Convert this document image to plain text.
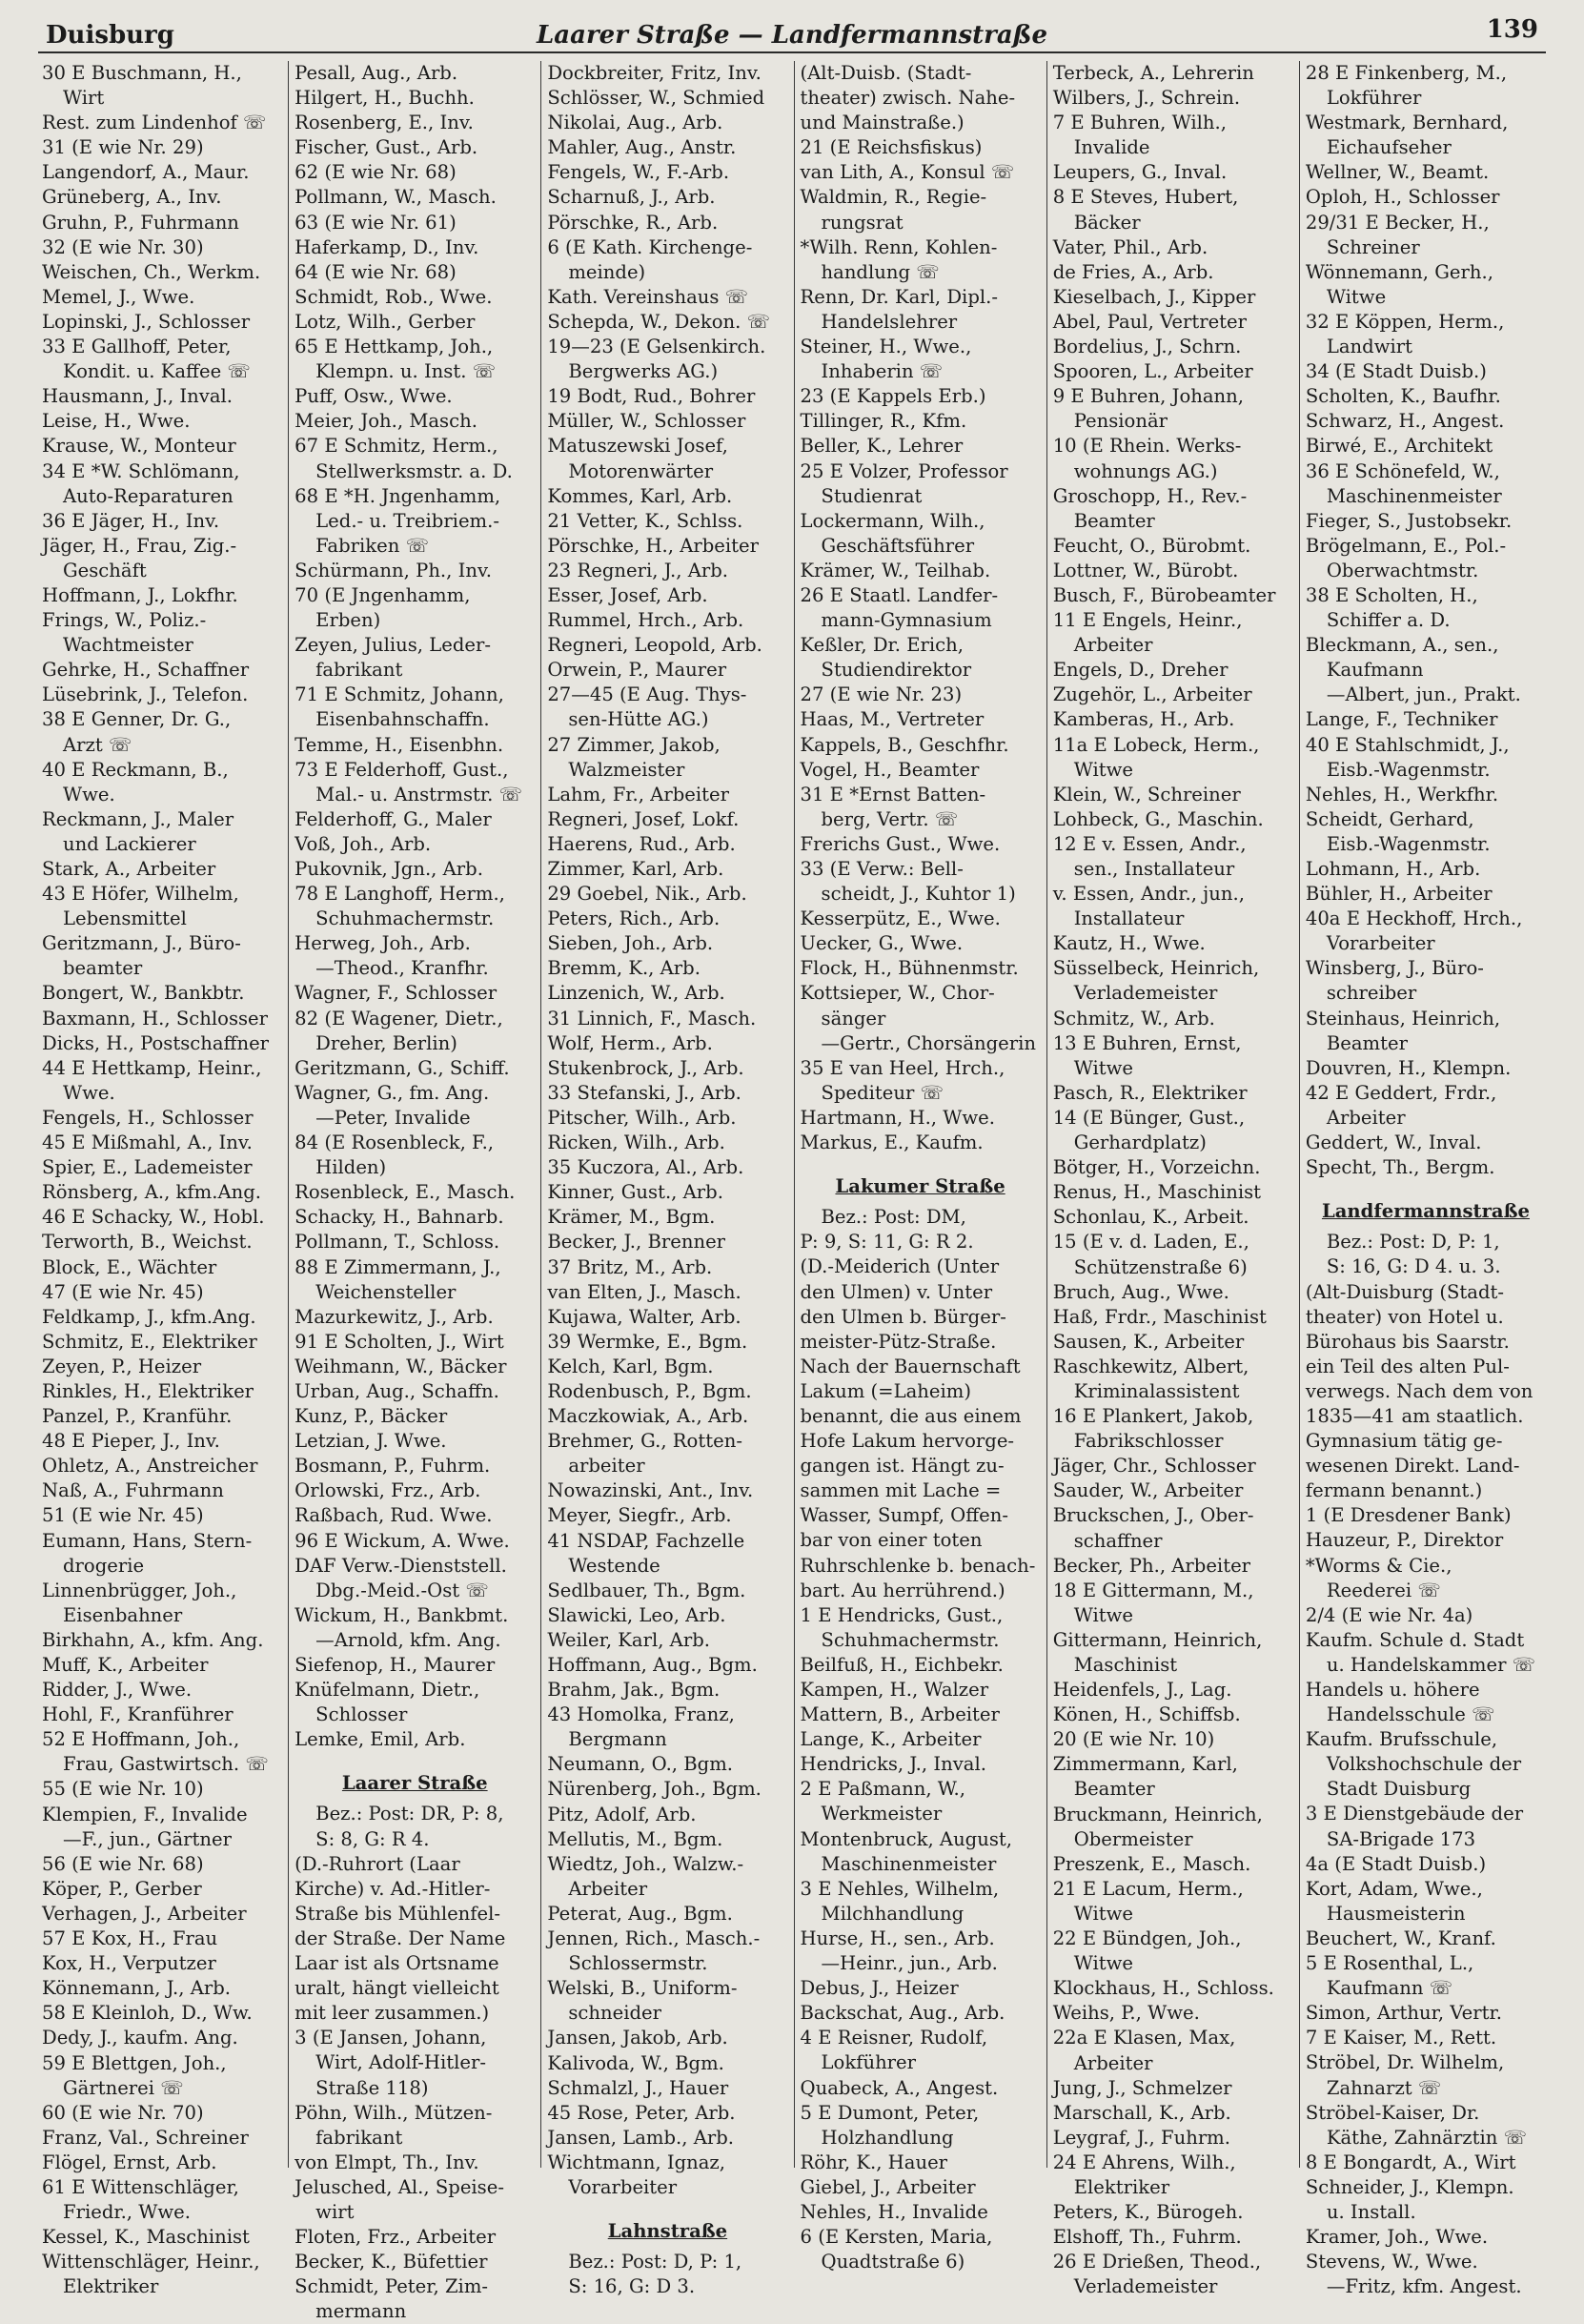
Duisburg	Laarer Straße — Landfermannstraße	139
30 E Buschmann, H.,
Wirt
Rest. zum Lindenhof ☏
31 (E wie Nr. 29)
Langendorf, A., Maur.
Grüneberg, A., Inv.
Gruhn, P., Fuhrmann
32 (E wie Nr. 30)
Weischen, Ch., Werkm.
Memel, J., Wwe.
Lopinski, J., Schlosser
33 E Gallhoff, Peter,
Kondit. u. Kaffee ☏
Hausmann, J., Inval.
Leise, H., Wwe.
Krause, W., Monteur
34 E *W. Schlömann,
Auto-Reparaturen
36 E Jäger, H., Inv.
Jäger, H., Frau, Zig.-
Geschäft
Hoffmann, J., Lokfhr.
Frings, W., Poliz.-
Wachtmeister
Gehrke, H., Schaffner
Lüsebrink, J., Telefon.
38 E Genner, Dr. G.,
Arzt ☏
40 E Reckmann, B.,
Wwe.
Reckmann, J., Maler
und Lackierer
Stark, A., Arbeiter
43 E Höfer, Wilhelm,
Lebensmittel
Geritzmann, J., Büro-
beamter
Bongert, W., Bankbtr.
Baxmann, H., Schlosser
Dicks, H., Postschaffner
44 E Hettkamp, Heinr.,
Wwe.
Fengels, H., Schlosser
45 E Mißmahl, A., Inv.
Spier, E., Lademeister
Rönsberg, A., kfm.Ang.
46 E Schacky, W., Hobl.
Terworth, B., Weichst.
Block, E., Wächter
47 (E wie Nr. 45)
Feldkamp, J., kfm.Ang.
Schmitz, E., Elektriker
Zeyen, P., Heizer
Rinkles, H., Elektriker
Panzel, P., Kranführ.
48 E Pieper, J., Inv.
Ohletz, A., Anstreicher
Naß, A., Fuhrmann
51 (E wie Nr. 45)
Eumann, Hans, Stern-
drogerie
Linnenbrügger, Joh.,
Eisenbahner
Birkhahn, A., kfm. Ang.
Muff, K., Arbeiter
Ridder, J., Wwe.
Hohl, F., Kranführer
52 E Hoffmann, Joh.,
Frau, Gastwirtsch. ☏
55 (E wie Nr. 10)
Klempien, F., Invalide
—F., jun., Gärtner
56 (E wie Nr. 68)
Köper, P., Gerber
Verhagen, J., Arbeiter
57 E Kox, H., Frau
Kox, H., Verputzer
Könnemann, J., Arb.
58 E Kleinloh, D., Ww.
Dedy, J., kaufm. Ang.
59 E Blettgen, Joh.,
Gärtnerei ☏
60 (E wie Nr. 70)
Franz, Val., Schreiner
Flögel, Ernst, Arb.
61 E Wittenschläger,
Friedr., Wwe.
Kessel, K., Maschinist
Wittenschläger, Heinr.,
Elektriker
Pesall, Aug., Arb.
Hilgert, H., Buchh.
Rosenberg, E., Inv.
Fischer, Gust., Arb.
62 (E wie Nr. 68)
Pollmann, W., Masch.
63 (E wie Nr. 61)
Haferkamp, D., Inv.
64 (E wie Nr. 68)
Schmidt, Rob., Wwe.
Lotz, Wilh., Gerber
65 E Hettkamp, Joh.,
Klempn. u. Inst. ☏
Puff, Osw., Wwe.
Meier, Joh., Masch.
67 E Schmitz, Herm.,
Stellwerksmstr. a. D.
68 E *H. Jngenhamm,
Led.- u. Treibriem.-
Fabriken ☏
Schürmann, Ph., Inv.
70 (E Jngenhamm,
Erben)
Zeyen, Julius, Leder-
fabrikant
71 E Schmitz, Johann,
Eisenbahnschaffn.
Temme, H., Eisenbhn.
73 E Felderhoff, Gust.,
Mal.- u. Anstrmstr. ☏
Felderhoff, G., Maler
Voß, Joh., Arb.
Pukovnik, Jgn., Arb.
78 E Langhoff, Herm.,
Schuhmachermstr.
Herweg, Joh., Arb.
—Theod., Kranfhr.
Wagner, F., Schlosser
82 (E Wagener, Dietr.,
Dreher, Berlin)
Geritzmann, G., Schiff.
Wagner, G., fm. Ang.
—Peter, Invalide
84 (E Rosenbleck, F.,
Hilden)
Rosenbleck, E., Masch.
Schacky, H., Bahnarb.
Pollmann, T., Schloss.
88 E Zimmermann, J.,
Weichensteller
Mazurkewitz, J., Arb.
91 E Scholten, J., Wirt
Weihmann, W., Bäcker
Urban, Aug., Schaffn.
Kunz, P., Bäcker
Letzian, J. Wwe.
Bosmann, P., Fuhrm.
Orlowski, Frz., Arb.
Raßbach, Rud. Wwe.
96 E Wickum, A. Wwe.
DAF Verw.-Dienststell.
Dbg.-Meid.-Ost ☏
Wickum, H., Bankbmt.
—Arnold, kfm. Ang.
Siefenop, H., Maurer
Knüfelmann, Dietr.,
Schlosser
Lemke, Emil, Arb.
Laarer Straße
Bez.: Post: DR, P: 8,
S: 8, G: R 4.
(D.-Ruhrort (Laar
Kirche) v. Ad.-Hitler-
Straße bis Mühlenfel-
der Straße. Der Name
Laar ist als Ortsname
uralt, hängt vielleicht
mit leer zusammen.)
3 (E Jansen, Johann,
Wirt, Adolf-Hitler-
Straße 118)
Pöhn, Wilh., Mützen-
fabrikant
von Elmpt, Th., Inv.
Jelusched, Al., Speise-
wirt
Floten, Frz., Arbeiter
Becker, K., Büfettier
Schmidt, Peter, Zim-
mermann
Dockbreiter, Fritz, Inv.
Schlösser, W., Schmied
Nikolai, Aug., Arb.
Mahler, Aug., Anstr.
Fengels, W., F.-Arb.
Scharnuß, J., Arb.
Pörschke, R., Arb.
6 (E Kath. Kirchenge-
meinde)
Kath. Vereinshaus ☏
Schepda, W., Dekon. ☏
19—23 (E Gelsenkirch.
Bergwerks AG.)
19 Bodt, Rud., Bohrer
Müller, W., Schlosser
Matuszewski Josef,
Motorenwärter
Kommes, Karl, Arb.
21 Vetter, K., Schlss.
Pörschke, H., Arbeiter
23 Regneri, J., Arb.
Esser, Josef, Arb.
Rummel, Hrch., Arb.
Regneri, Leopold, Arb.
Orwein, P., Maurer
27—45 (E Aug. Thys-
sen-Hütte AG.)
27 Zimmer, Jakob,
Walzmeister
Lahm, Fr., Arbeiter
Regneri, Josef, Lokf.
Haerens, Rud., Arb.
Zimmer, Karl, Arb.
29 Goebel, Nik., Arb.
Peters, Rich., Arb.
Sieben, Joh., Arb.
Bremm, K., Arb.
Linzenich, W., Arb.
31 Linnich, F., Masch.
Wolf, Herm., Arb.
Stukenbrock, J., Arb.
33 Stefanski, J., Arb.
Pitscher, Wilh., Arb.
Ricken, Wilh., Arb.
35 Kuczora, Al., Arb.
Kinner, Gust., Arb.
Krämer, M., Bgm.
Becker, J., Brenner
37 Britz, M., Arb.
van Elten, J., Masch.
Kujawa, Walter, Arb.
39 Wermke, E., Bgm.
Kelch, Karl, Bgm.
Rodenbusch, P., Bgm.
Maczkowiak, A., Arb.
Brehmer, G., Rotten-
arbeiter
Nowazinski, Ant., Inv.
Meyer, Siegfr., Arb.
41 NSDAP, Fachzelle
Westende
Sedlbauer, Th., Bgm.
Slawicki, Leo, Arb.
Weiler, Karl, Arb.
Hoffmann, Aug., Bgm.
Brahm, Jak., Bgm.
43 Homolka, Franz,
Bergmann
Neumann, O., Bgm.
Nürenberg, Joh., Bgm.
Pitz, Adolf, Arb.
Mellutis, M., Bgm.
Wiedtz, Joh., Walzw.-
Arbeiter
Peterat, Aug., Bgm.
Jennen, Rich., Masch.-
Schlossermstr.
Welski, B., Uniform-
schneider
Jansen, Jakob, Arb.
Kalivoda, W., Bgm.
Schmalzl, J., Hauer
45 Rose, Peter, Arb.
Jansen, Lamb., Arb.
Wichtmann, Ignaz,
Vorarbeiter
Lahnstraße
Bez.: Post: D, P: 1,
S: 16, G: D 3.
(Alt-Duisb. (Stadt-
theater) zwisch. Nahe-
und Mainstraße.)
21 (E Reichsfiskus)
van Lith, A., Konsul ☏
Waldmin, R., Regie-
rungsrat
*Wilh. Renn, Kohlen-
handlung ☏
Renn, Dr. Karl, Dipl.-
Handelslehrer
Steiner, H., Wwe.,
Inhaberin ☏
23 (E Kappels Erb.)
Tillinger, R., Kfm.
Beller, K., Lehrer
25 E Volzer, Professor
Studienrat
Lockermann, Wilh.,
Geschäftsführer
Krämer, W., Teilhab.
26 E Staatl. Landfer-
mann-Gymnasium
Keßler, Dr. Erich,
Studiendirektor
27 (E wie Nr. 23)
Haas, M., Vertreter
Kappels, B., Geschfhr.
Vogel, H., Beamter
31 E *Ernst Batten-
berg, Vertr. ☏
Frerichs Gust., Wwe.
33 (E Verw.: Bell-
scheidt, J., Kuhtor 1)
Kesserpütz, E., Wwe.
Uecker, G., Wwe.
Flock, H., Bühnenmstr.
Kottsieper, W., Chor-
sänger
—Gertr., Chorsängerin
35 E van Heel, Hrch.,
Spediteur ☏
Hartmann, H., Wwe.
Markus, E., Kaufm.
Lakumer Straße
Bez.: Post: DM,
P: 9, S: 11, G: R 2.
(D.-Meiderich (Unter
den Ulmen) v. Unter
den Ulmen b. Bürger-
meister-Pütz-Straße.
Nach der Bauernschaft
Lakum (=Laheim)
benannt, die aus einem
Hofe Lakum hervorge-
gangen ist. Hängt zu-
sammen mit Lache =
Wasser, Sumpf, Offen-
bar von einer toten
Ruhrschlenke b. benach-
bart. Au herrührend.)
1 E Hendricks, Gust.,
Schuhmachermstr.
Beilfuß, H., Eichbekr.
Kampen, H., Walzer
Mattern, B., Arbeiter
Lange, K., Arbeiter
Hendricks, J., Inval.
2 E Paßmann, W.,
Werkmeister
Montenbruck, August,
Maschinenmeister
3 E Nehles, Wilhelm,
Milchhandlung
Hurse, H., sen., Arb.
—Heinr., jun., Arb.
Debus, J., Heizer
Backschat, Aug., Arb.
4 E Reisner, Rudolf,
Lokführer
Quabeck, A., Angest.
5 E Dumont, Peter,
Holzhandlung
Röhr, K., Hauer
Giebel, J., Arbeiter
Nehles, H., Invalide
6 (E Kersten, Maria,
Quadtstraße 6)
Terbeck, A., Lehrerin
Wilbers, J., Schrein.
7 E Buhren, Wilh.,
Invalide
Leupers, G., Inval.
8 E Steves, Hubert,
Bäcker
Vater, Phil., Arb.
de Fries, A., Arb.
Kieselbach, J., Kipper
Abel, Paul, Vertreter
Bordelius, J., Schrn.
Spooren, L., Arbeiter
9 E Buhren, Johann,
Pensionär
10 (E Rhein. Werks-
wohnungs AG.)
Groschopp, H., Rev.-
Beamter
Feucht, O., Bürobmt.
Lottner, W., Bürobt.
Busch, F., Bürobeamter
11 E Engels, Heinr.,
Arbeiter
Engels, D., Dreher
Zugehör, L., Arbeiter
Kamberas, H., Arb.
11a E Lobeck, Herm.,
Witwe
Klein, W., Schreiner
Lohbeck, G., Maschin.
12 E v. Essen, Andr.,
sen., Installateur
v. Essen, Andr., jun.,
Installateur
Kautz, H., Wwe.
Süsselbeck, Heinrich,
Verlademeister
Schmitz, W., Arb.
13 E Buhren, Ernst,
Witwe
Pasch, R., Elektriker
14 (E Bünger, Gust.,
Gerhardplatz)
Bötger, H., Vorzeichn.
Renus, H., Maschinist
Schonlau, K., Arbeit.
15 (E v. d. Laden, E.,
Schützenstraße 6)
Bruch, Aug., Wwe.
Haß, Frdr., Maschinist
Sausen, K., Arbeiter
Raschkewitz, Albert,
Kriminalassistent
16 E Plankert, Jakob,
Fabrikschlosser
Jäger, Chr., Schlosser
Sauder, W., Arbeiter
Bruckschen, J., Ober-
schaffner
Becker, Ph., Arbeiter
18 E Gittermann, M.,
Witwe
Gittermann, Heinrich,
Maschinist
Heidenfels, J., Lag.
Könen, H., Schiffsb.
20 (E wie Nr. 10)
Zimmermann, Karl,
Beamter
Bruckmann, Heinrich,
Obermeister
Preszenk, E., Masch.
21 E Lacum, Herm.,
Witwe
22 E Bündgen, Joh.,
Witwe
Klockhaus, H., Schloss.
Weihs, P., Wwe.
22a E Klasen, Max,
Arbeiter
Jung, J., Schmelzer
Marschall, K., Arb.
Leygraf, J., Fuhrm.
24 E Ahrens, Wilh.,
Elektriker
Peters, K., Bürogeh.
Elshoff, Th., Fuhrm.
26 E Drießen, Theod.,
Verlademeister
28 E Finkenberg, M.,
Lokführer
Westmark, Bernhard,
Eichaufseher
Wellner, W., Beamt.
Oploh, H., Schlosser
29/31 E Becker, H.,
Schreiner
Wönnemann, Gerh.,
Witwe
32 E Köppen, Herm.,
Landwirt
34 (E Stadt Duisb.)
Scholten, K., Baufhr.
Schwarz, H., Angest.
Birwé, E., Architekt
36 E Schönefeld, W.,
Maschinenmeister
Fieger, S., Justobsekr.
Brögelmann, E., Pol.-
Oberwachtmstr.
38 E Scholten, H.,
Schiffer a. D.
Bleckmann, A., sen.,
Kaufmann
—Albert, jun., Prakt.
Lange, F., Techniker
40 E Stahlschmidt, J.,
Eisb.-Wagenmstr.
Nehles, H., Werkfhr.
Scheidt, Gerhard,
Eisb.-Wagenmstr.
Lohmann, H., Arb.
Bühler, H., Arbeiter
40a E Heckhoff, Hrch.,
Vorarbeiter
Winsberg, J., Büro-
schreiber
Steinhaus, Heinrich,
Beamter
Douvren, H., Klempn.
42 E Geddert, Frdr.,
Arbeiter
Geddert, W., Inval.
Specht, Th., Bergm.
Landfermannstraße
Bez.: Post: D, P: 1,
S: 16, G: D 4. u. 3.
(Alt-Duisburg (Stadt-
theater) von Hotel u.
Bürohaus bis Saarstr.
ein Teil des alten Pul-
verwegs. Nach dem von
1835—41 am staatlich.
Gymnasium tätig ge-
wesenen Direkt. Land-
fermann benannt.)
1 (E Dresdener Bank)
Hauzeur, P., Direktor
*Worms & Cie.,
Reederei ☏
2/4 (E wie Nr. 4a)
Kaufm. Schule d. Stadt
u. Handelskammer ☏
Handels u. höhere
Handelsschule ☏
Kaufm. Brufsschule,
Volkshochschule der
Stadt Duisburg
3 E Dienstgebäude der
SA-Brigade 173
4a (E Stadt Duisb.)
Kort, Adam, Wwe.,
Hausmeisterin
Beuchert, W., Kranf.
5 E Rosenthal, L.,
Kaufmann ☏
Simon, Arthur, Vertr.
7 E Kaiser, M., Rett.
Ströbel, Dr. Wilhelm,
Zahnarzt ☏
Ströbel-Kaiser, Dr.
Käthe, Zahnärztin ☏
8 E Bongardt, A., Wirt
Schneider, J., Klempn.
u. Install.
Kramer, Joh., Wwe.
Stevens, W., Wwe.
—Fritz, kfm. Angest.
